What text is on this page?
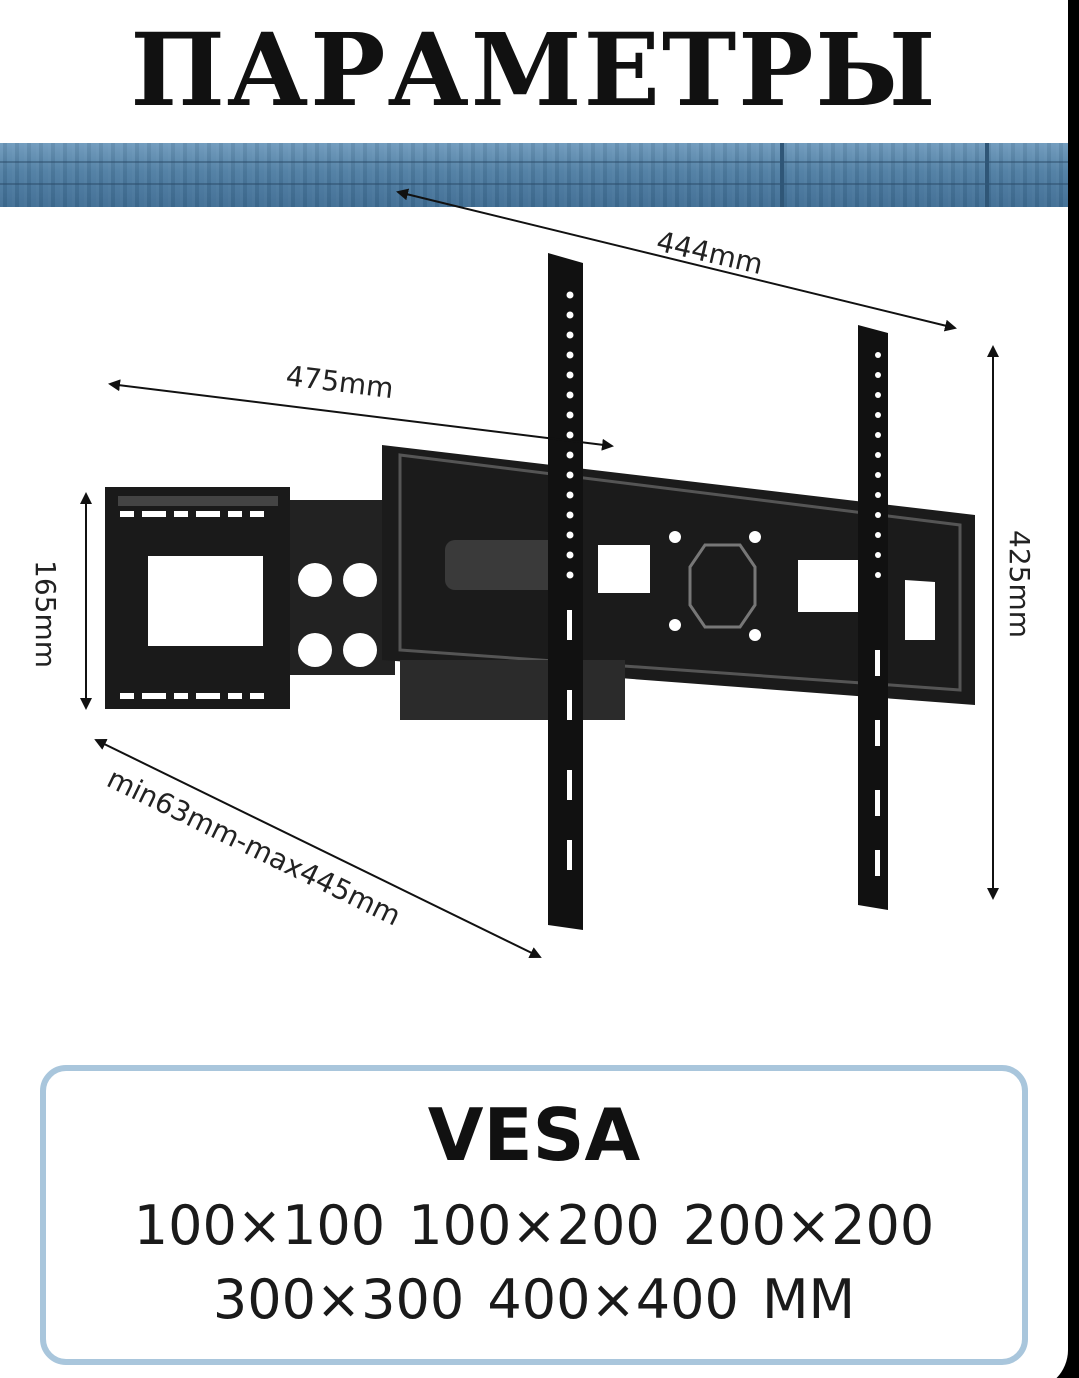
ПАРАМЕТРЫ
444mm
475mm
165mm	425mm
min63mm-max445mm
VESA
100×100 100×200 200×200
300×300 400×400 MM
